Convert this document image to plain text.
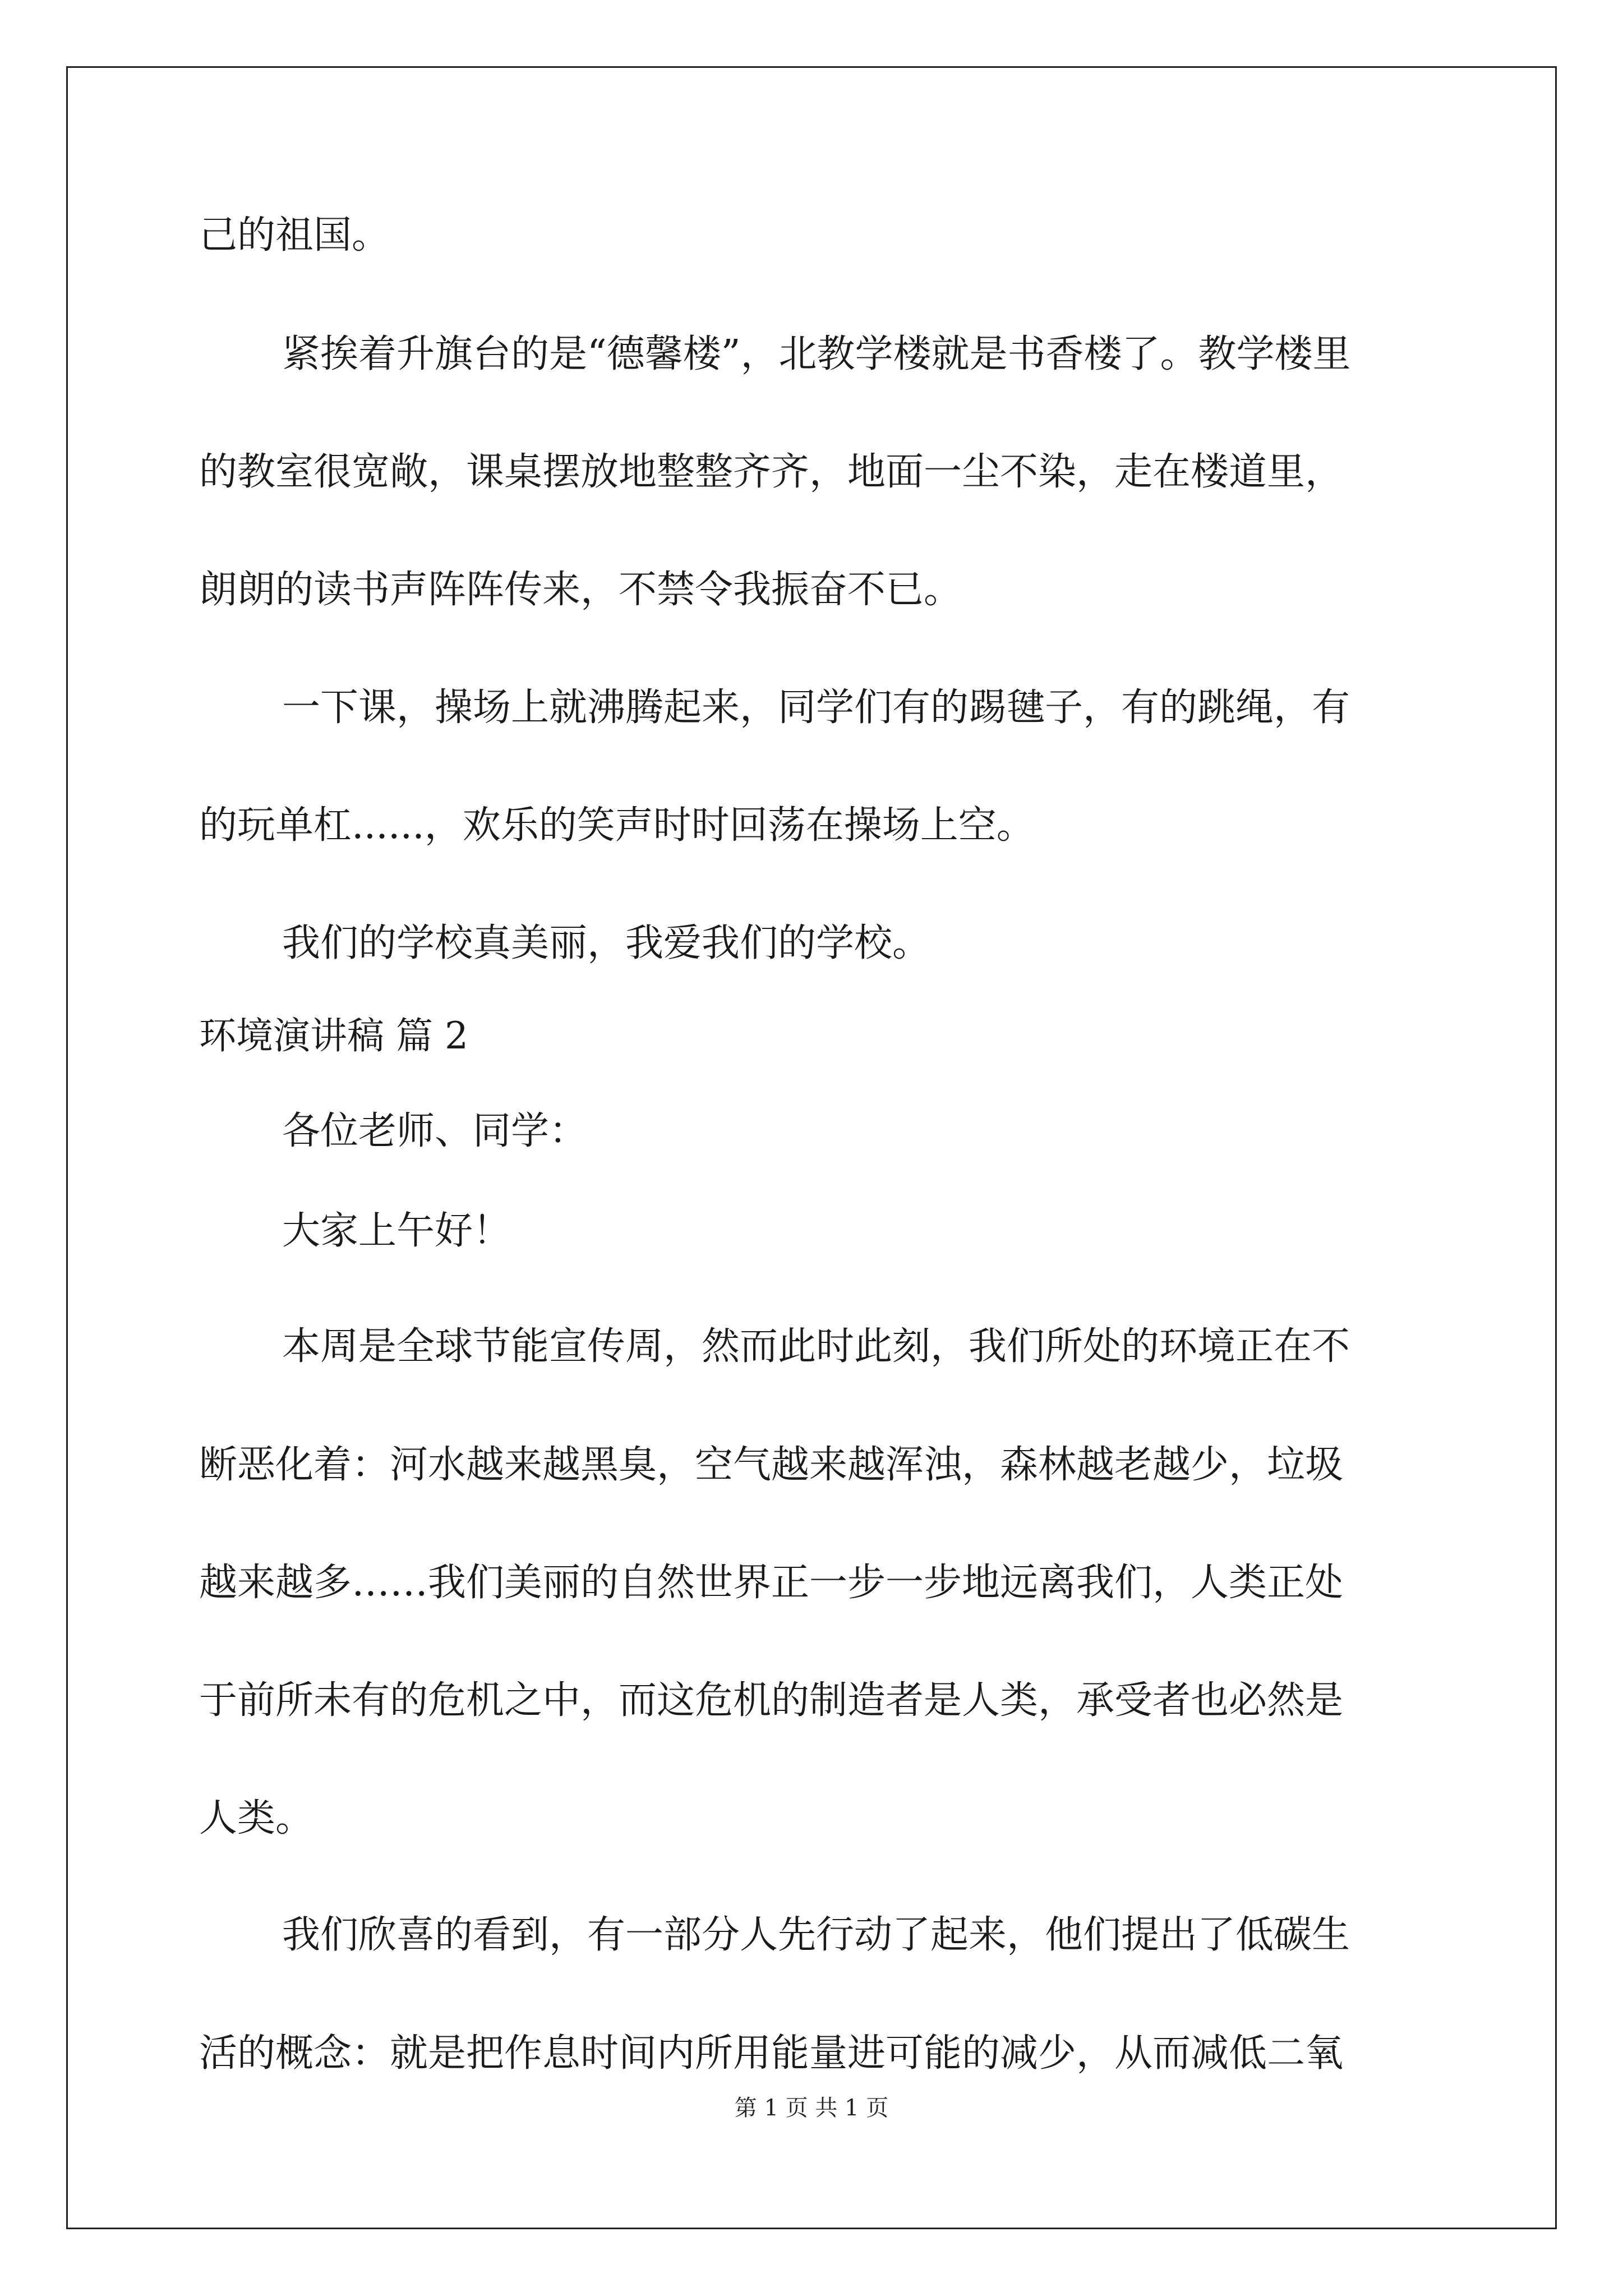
己的祖国。
紧挨着升旗台的是“德馨楼”，北教学楼就是书香楼了。教学楼里
的教室很宽敞，课桌摆放地整整齐齐，地面一尘不染，走在楼道里，
朗朗的读书声阵阵传来，不禁令我振奋不已。
一下课，操场上就沸腾起来，同学们有的踢毽子，有的跳绳，有
的玩单杠......，欢乐的笑声时时回荡在操场上空。
我们的学校真美丽，我爱我们的学校。
环境演讲稿 篇 2
各位老师、同学：
大家上午好！
本周是全球节能宣传周，然而此时此刻，我们所处的环境正在不
断恶化着：河水越来越黑臭，空气越来越浑浊，森林越老越少，垃圾
越来越多……我们美丽的自然世界正一步一步地远离我们，人类正处
于前所未有的危机之中，而这危机的制造者是人类，承受者也必然是
人类。
我们欣喜的看到，有一部分人先行动了起来，他们提出了低碳生
活的概念：就是把作息时间内所用能量进可能的减少，从而减低二氧
第 1 页 共 1 页
